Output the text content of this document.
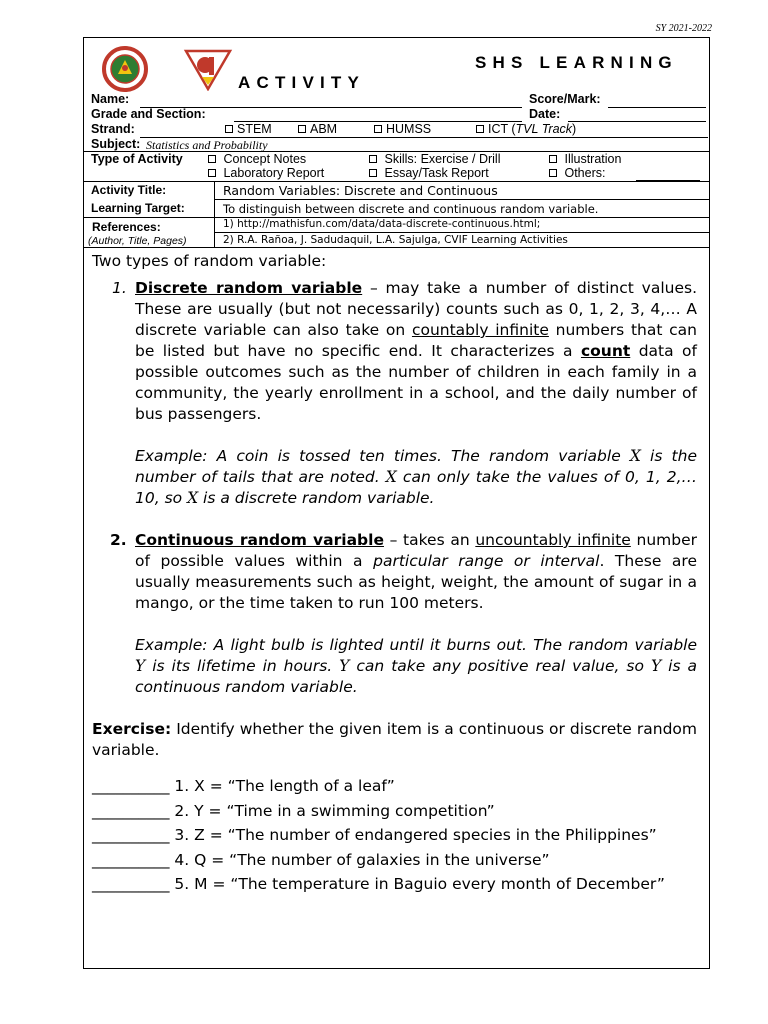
SY 2021-2022
SHS LEARNING
ACTIVITY
Name:	Score/Mark:
Grade and Section:	Date:
Strand:	STEM	ABM	HUMSS	ICT (TVL Track)
Subject: Statistics and Probability
Type of Activity	Concept Notes	Skills: Exercise / Drill	Illustration
Laboratory Report	Essay/Task Report	Others:
Activity Title:	Random Variables: Discrete and Continuous
Learning Target:	To distinguish between discrete and continuous random variable.
References:
(Author, Title, Pages)
1) http://mathisfun.com/data/data-discrete-continuous.html;
2) R.A. Rañoa, J. Sadudaquil, L.A. Sajulga, CVIF Learning Activities

Two types of random variable:

1. Discrete random variable – may take a number of distinct values. These are usually (but not necessarily) counts such as 0, 1, 2, 3, 4,… A discrete variable can also take on countably infinite numbers that can be listed but have no specific end. It characterizes a count data of possible outcomes such as the number of children in each family in a community, the yearly enrollment in a school, and the daily number of bus passengers.

Example: A coin is tossed ten times. The random variable X is the number of tails that are noted. X can only take the values of 0, 1, 2,…10, so X is a discrete random variable.

2. Continuous random variable – takes an uncountably infinite number of possible values within a particular range or interval. These are usually measurements such as height, weight, the amount of sugar in a mango, or the time taken to run 100 meters.

Example: A light bulb is lighted until it burns out. The random variable Y is its lifetime in hours. Y can take any positive real value, so Y is a continuous random variable.

Exercise: Identify whether the given item is a continuous or discrete random variable.

__________ 1. X = “The length of a leaf”

__________ 2. Y = “Time in a swimming competition”

__________ 3. Z = “The number of endangered species in the Philippines”

__________ 4. Q = “The number of galaxies in the universe”

__________ 5. M = “The temperature in Baguio every month of December”
